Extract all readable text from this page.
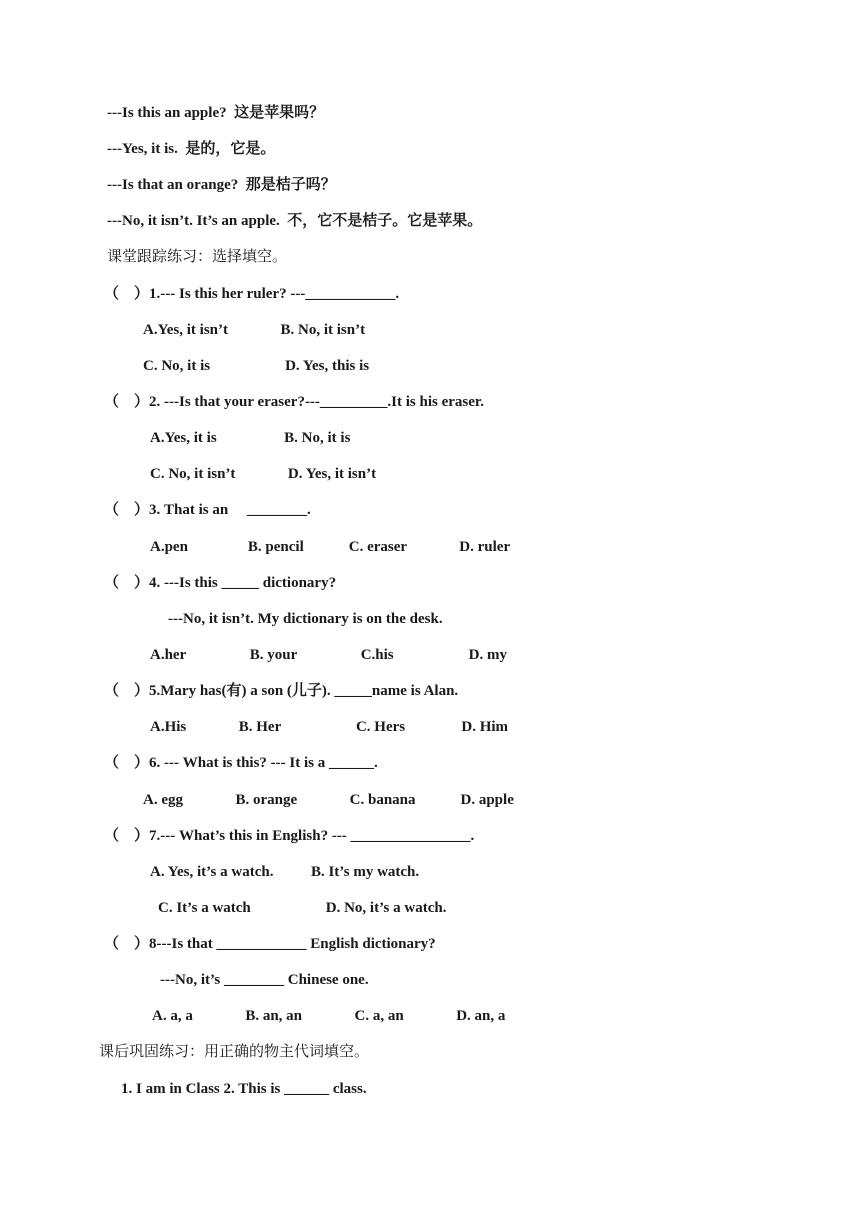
---Is this an apple?  这是苹果吗？
---Yes, it is.  是的，它是。
---Is that an orange?  那是桔子吗？
---No, it isn’t. It’s an apple.  不，它不是桔子。它是苹果。
课堂跟踪练习：选择填空。
（    ）1.--- Is this her ruler? ---____________.
A.Yes, it isn’t              B. No, it isn’t
C. No, it is                    D. Yes, this is
（    ）2. ---Is that your eraser?---_________.It is his eraser.
A.Yes, it is                  B. No, it is
C. No, it isn’t              D. Yes, it isn’t
（    ）3. That is an     ________.
A.pen                B. pencil            C. eraser              D. ruler
（    ）4. ---Is this _____ dictionary?
---No, it isn’t. My dictionary is on the desk.
A.her                 B. your                 C.his                    D. my
（    ）5.Mary has(有) a son (儿子). _____name is Alan.
A.His              B. Her                    C. Hers               D. Him
（    ）6. --- What is this? --- It is a ______.
A. egg              B. orange              C. banana            D. apple
（    ）7.--- What’s this in English? --- ________________.
A. Yes, it’s a watch.          B. It’s my watch.
C. It’s a watch                    D. No, it’s a watch.
（    ）8---Is that ____________ English dictionary?
---No, it’s ________ Chinese one.
A. a, a              B. an, an              C. a, an              D. an, a
课后巩固练习：用正确的物主代词填空。
1. I am in Class 2. This is ______ class.
